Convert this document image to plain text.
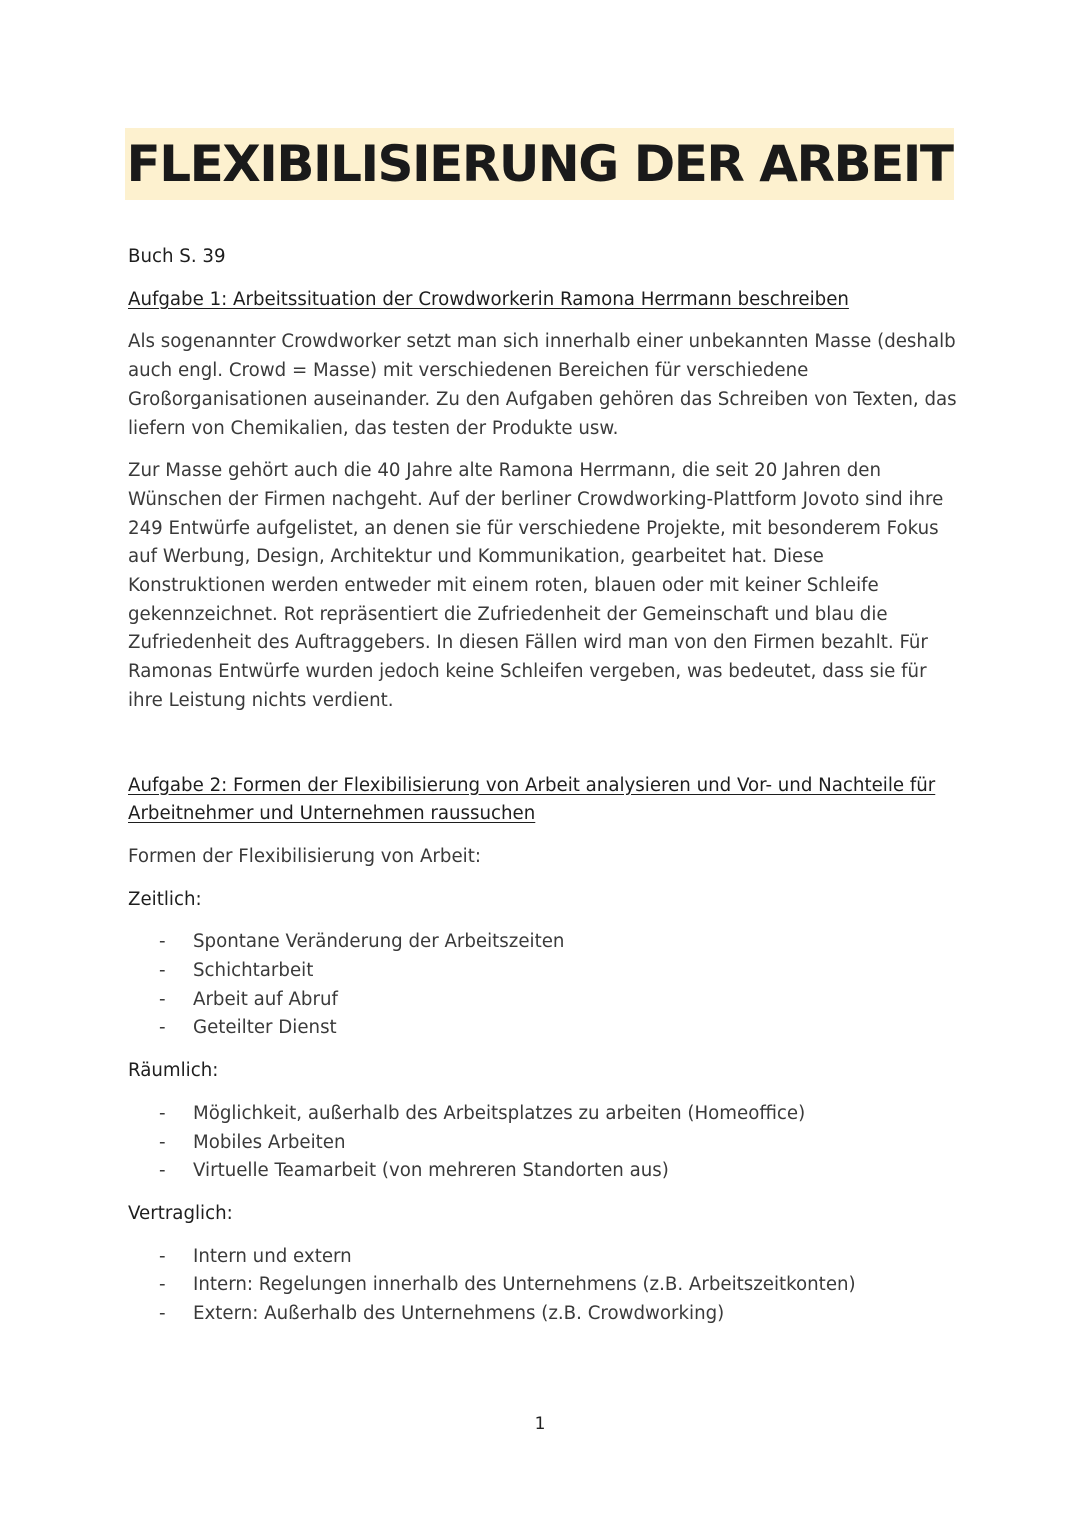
FLEXIBILISIERUNG DER ARBEIT

Buch S. 39

Aufgabe 1: Arbeitssituation der Crowdworkerin Ramona Herrmann beschreiben

Als sogenannter Crowdworker setzt man sich innerhalb einer unbekannten Masse (deshalb auch engl. Crowd = Masse) mit verschiedenen Bereichen für verschiedene Großorganisationen auseinander. Zu den Aufgaben gehören das Schreiben von Texten, das liefern von Chemikalien, das testen der Produkte usw.

Zur Masse gehört auch die 40 Jahre alte Ramona Herrmann, die seit 20 Jahren den Wünschen der Firmen nachgeht. Auf der berliner Crowdworking-Plattform Jovoto sind ihre 249 Entwürfe aufgelistet, an denen sie für verschiedene Projekte, mit besonderem Fokus auf Werbung, Design, Architektur und Kommunikation, gearbeitet hat. Diese Konstruktionen werden entweder mit einem roten, blauen oder mit keiner Schleife gekennzeichnet. Rot repräsentiert die Zufriedenheit der Gemeinschaft und blau die Zufriedenheit des Auftraggebers. In diesen Fällen wird man von den Firmen bezahlt. Für Ramonas Entwürfe wurden jedoch keine Schleifen vergeben, was bedeutet, dass sie für ihre Leistung nichts verdient.

Aufgabe 2: Formen der Flexibilisierung von Arbeit analysieren und Vor- und Nachteile für Arbeitnehmer und Unternehmen raussuchen

Formen der Flexibilisierung von Arbeit:

Zeitlich:

- Spontane Veränderung der Arbeitszeiten
- Schichtarbeit
- Arbeit auf Abruf
- Geteilter Dienst

Räumlich:

- Möglichkeit, außerhalb des Arbeitsplatzes zu arbeiten (Homeoffice)
- Mobiles Arbeiten
- Virtuelle Teamarbeit (von mehreren Standorten aus)

Vertraglich:

- Intern und extern
- Intern: Regelungen innerhalb des Unternehmens (z.B. Arbeitszeitkonten)
- Extern: Außerhalb des Unternehmens (z.B. Crowdworking)
1
